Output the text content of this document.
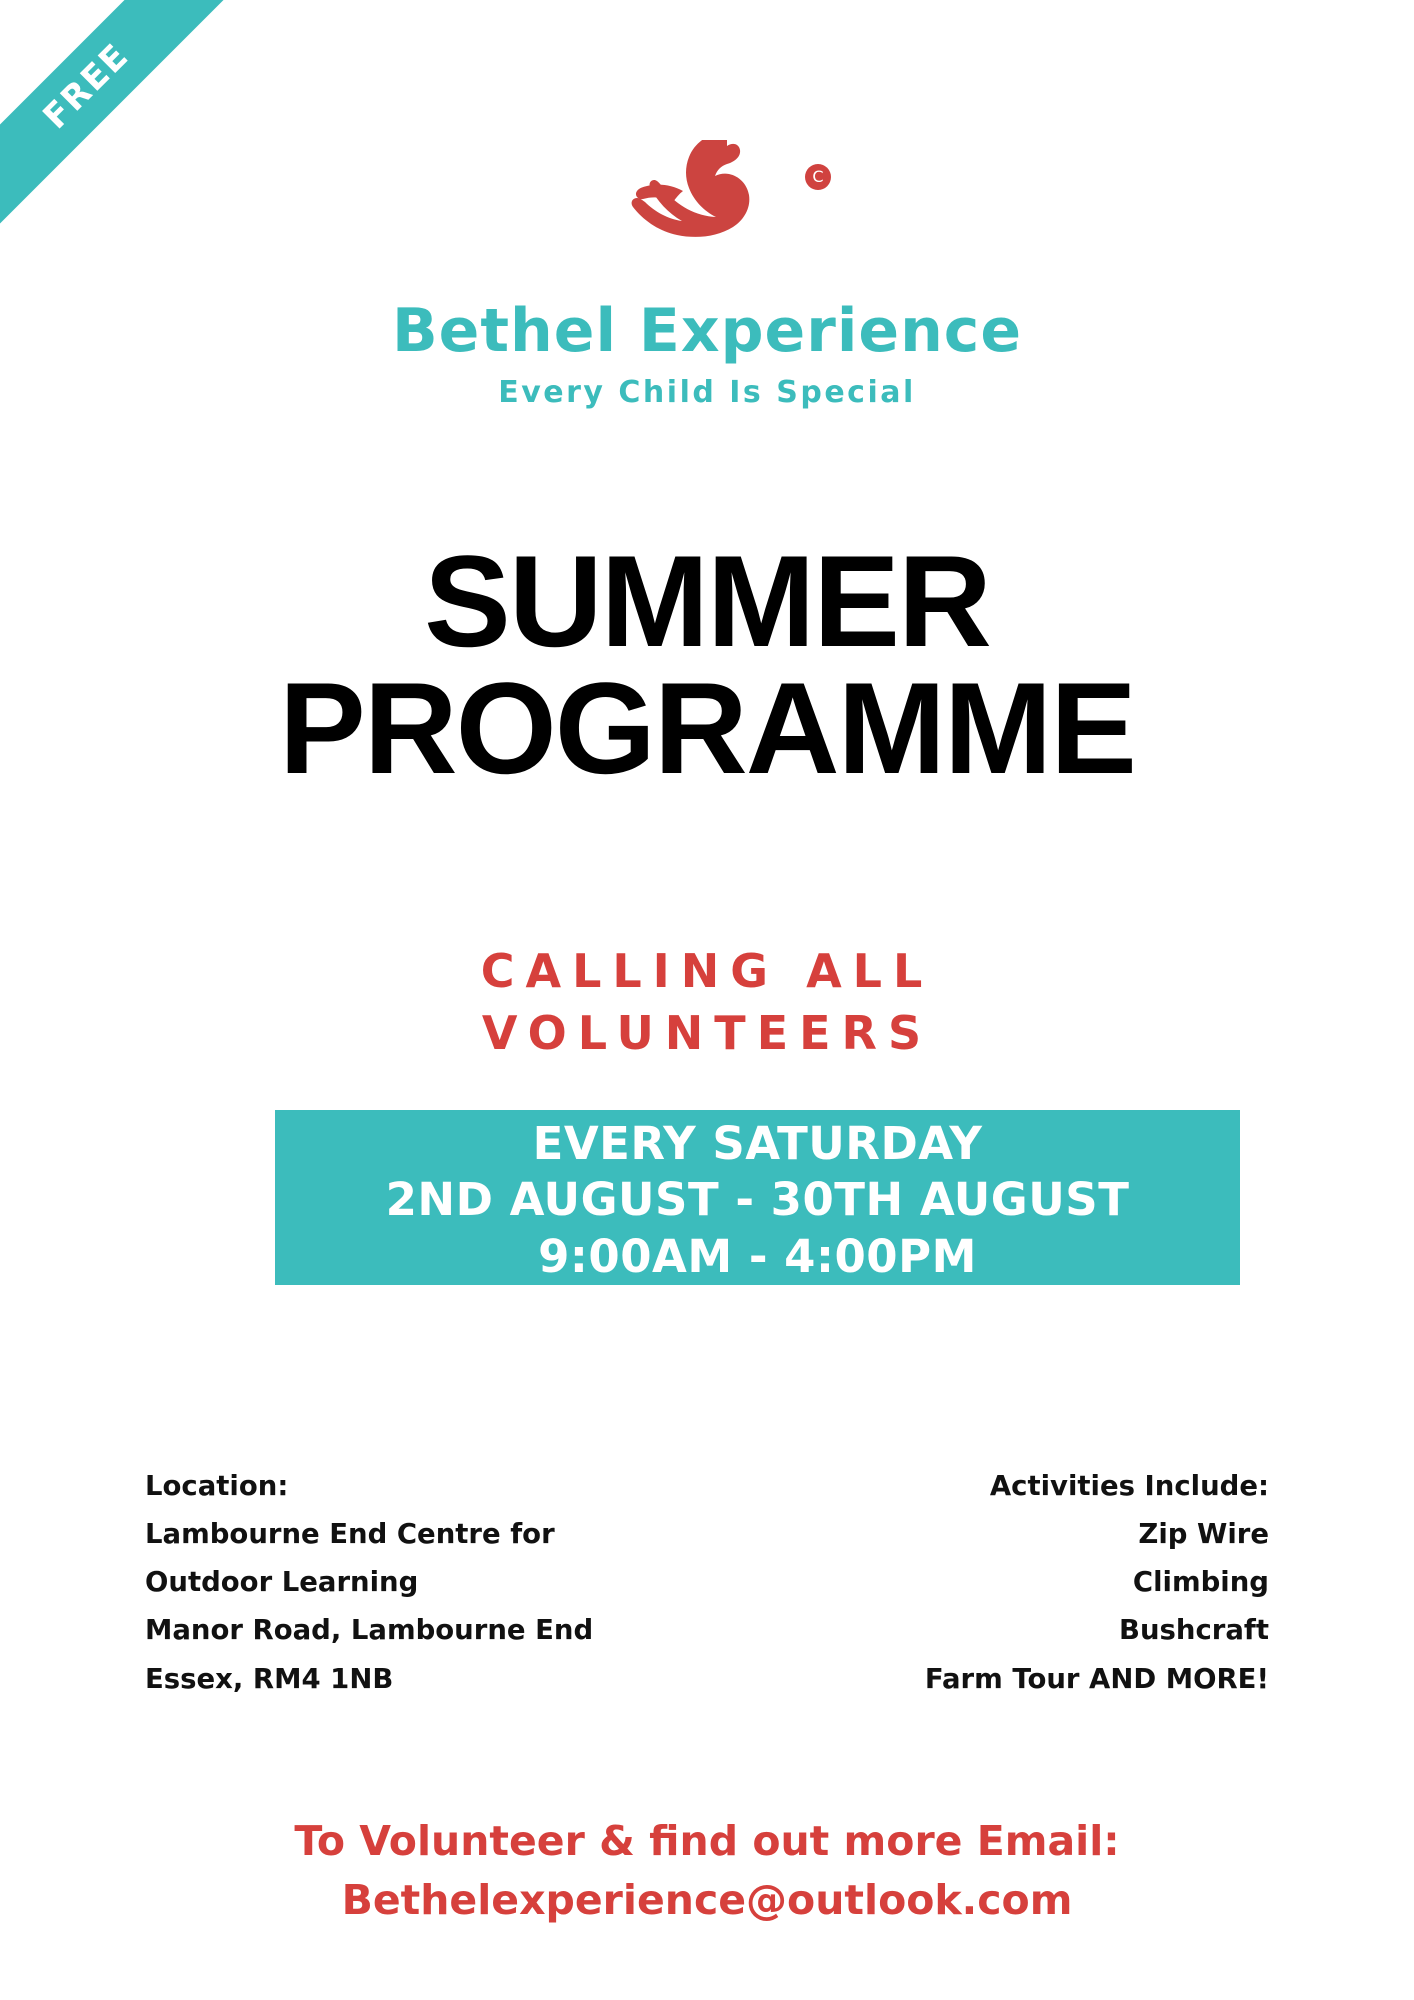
FREE
C
Bethel Experience
Every Child Is Special
SUMMER
PROGRAMME
CALLING ALL
VOLUNTEERS
EVERY SATURDAY
2ND AUGUST - 30TH AUGUST
9:00AM - 4:00PM
Location:
Lambourne End Centre for
Outdoor Learning
Manor Road, Lambourne End
Essex, RM4 1NB
Activities Include:
Zip Wire
Climbing
Bushcraft
Farm Tour AND MORE!
To Volunteer & find out more Email:
Bethelexperience@outlook.com
